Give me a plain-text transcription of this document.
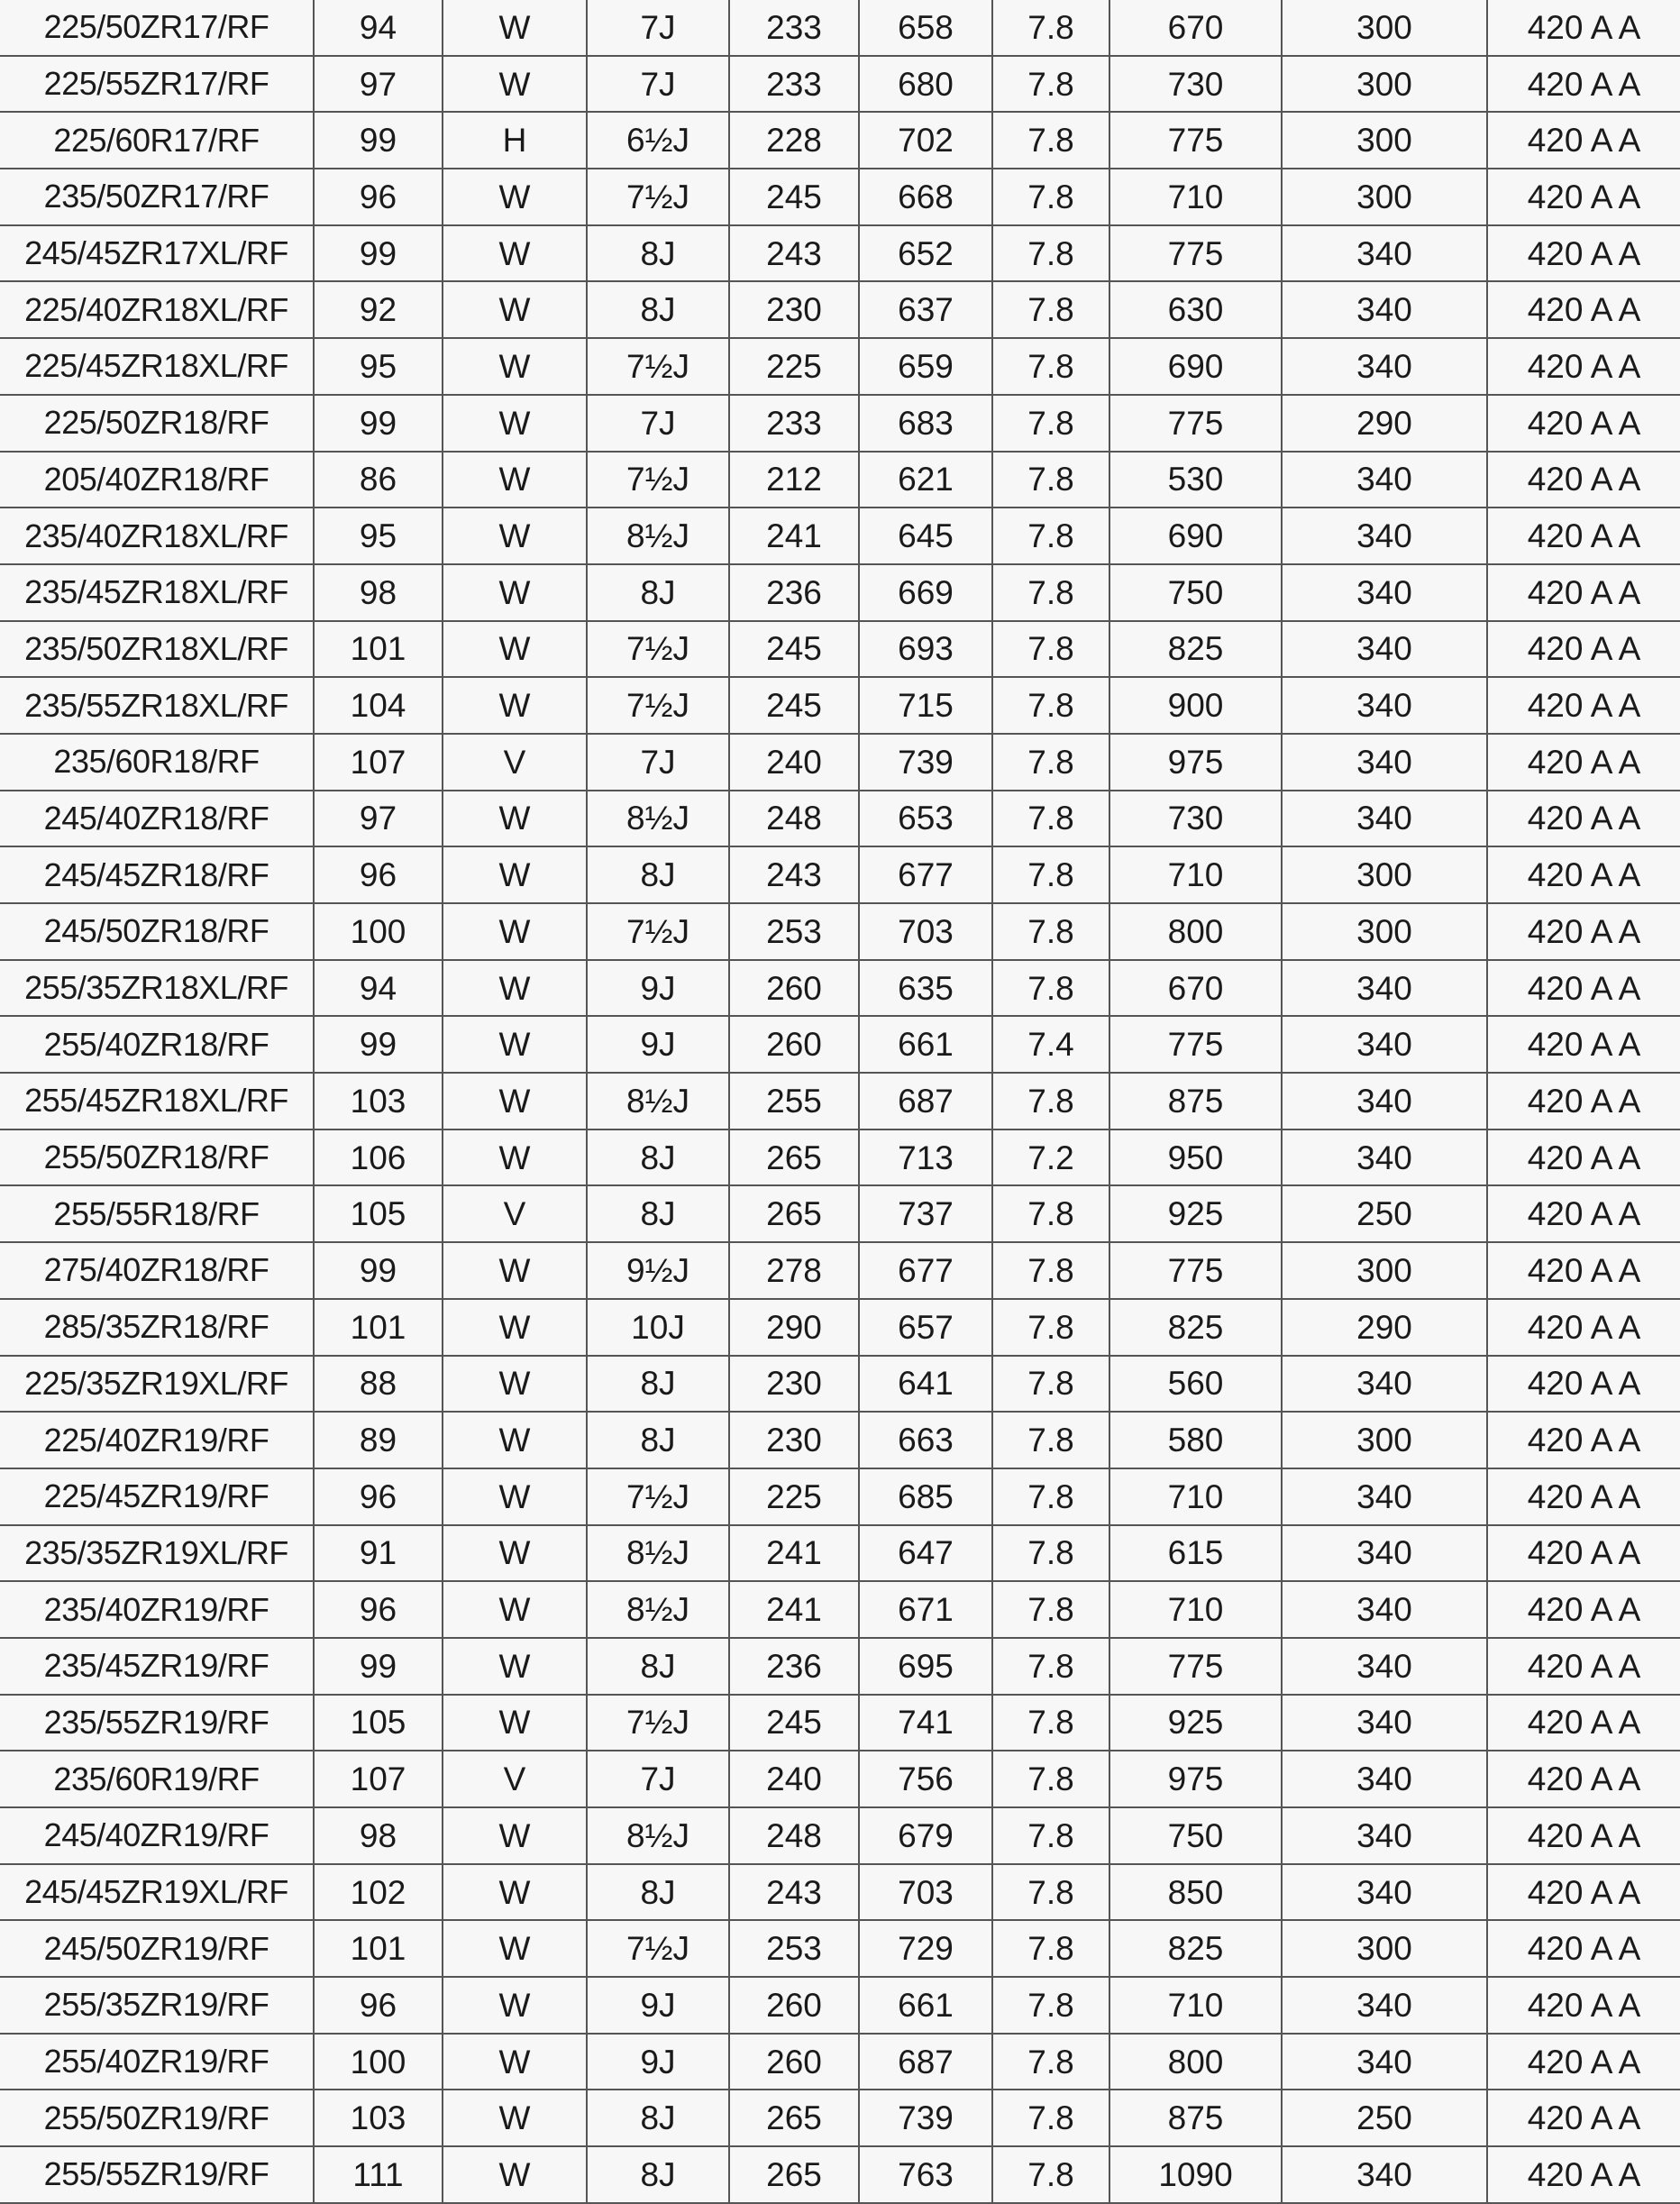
225/50ZR17/RF	94	W	7J	233	658	7.8	670	300	420 A A
225/55ZR17/RF	97	W	7J	233	680	7.8	730	300	420 A A
225/60R17/RF	99	H	6½J	228	702	7.8	775	300	420 A A
235/50ZR17/RF	96	W	7½J	245	668	7.8	710	300	420 A A
245/45ZR17XL/RF	99	W	8J	243	652	7.8	775	340	420 A A
225/40ZR18XL/RF	92	W	8J	230	637	7.8	630	340	420 A A
225/45ZR18XL/RF	95	W	7½J	225	659	7.8	690	340	420 A A
225/50ZR18/RF	99	W	7J	233	683	7.8	775	290	420 A A
205/40ZR18/RF	86	W	7½J	212	621	7.8	530	340	420 A A
235/40ZR18XL/RF	95	W	8½J	241	645	7.8	690	340	420 A A
235/45ZR18XL/RF	98	W	8J	236	669	7.8	750	340	420 A A
235/50ZR18XL/RF	101	W	7½J	245	693	7.8	825	340	420 A A
235/55ZR18XL/RF	104	W	7½J	245	715	7.8	900	340	420 A A
235/60R18/RF	107	V	7J	240	739	7.8	975	340	420 A A
245/40ZR18/RF	97	W	8½J	248	653	7.8	730	340	420 A A
245/45ZR18/RF	96	W	8J	243	677	7.8	710	300	420 A A
245/50ZR18/RF	100	W	7½J	253	703	7.8	800	300	420 A A
255/35ZR18XL/RF	94	W	9J	260	635	7.8	670	340	420 A A
255/40ZR18/RF	99	W	9J	260	661	7.4	775	340	420 A A
255/45ZR18XL/RF	103	W	8½J	255	687	7.8	875	340	420 A A
255/50ZR18/RF	106	W	8J	265	713	7.2	950	340	420 A A
255/55R18/RF	105	V	8J	265	737	7.8	925	250	420 A A
275/40ZR18/RF	99	W	9½J	278	677	7.8	775	300	420 A A
285/35ZR18/RF	101	W	10J	290	657	7.8	825	290	420 A A
225/35ZR19XL/RF	88	W	8J	230	641	7.8	560	340	420 A A
225/40ZR19/RF	89	W	8J	230	663	7.8	580	300	420 A A
225/45ZR19/RF	96	W	7½J	225	685	7.8	710	340	420 A A
235/35ZR19XL/RF	91	W	8½J	241	647	7.8	615	340	420 A A
235/40ZR19/RF	96	W	8½J	241	671	7.8	710	340	420 A A
235/45ZR19/RF	99	W	8J	236	695	7.8	775	340	420 A A
235/55ZR19/RF	105	W	7½J	245	741	7.8	925	340	420 A A
235/60R19/RF	107	V	7J	240	756	7.8	975	340	420 A A
245/40ZR19/RF	98	W	8½J	248	679	7.8	750	340	420 A A
245/45ZR19XL/RF	102	W	8J	243	703	7.8	850	340	420 A A
245/50ZR19/RF	101	W	7½J	253	729	7.8	825	300	420 A A
255/35ZR19/RF	96	W	9J	260	661	7.8	710	340	420 A A
255/40ZR19/RF	100	W	9J	260	687	7.8	800	340	420 A A
255/50ZR19/RF	103	W	8J	265	739	7.8	875	250	420 A A
255/55ZR19/RF	111	W	8J	265	763	7.8	1090	340	420 A A
